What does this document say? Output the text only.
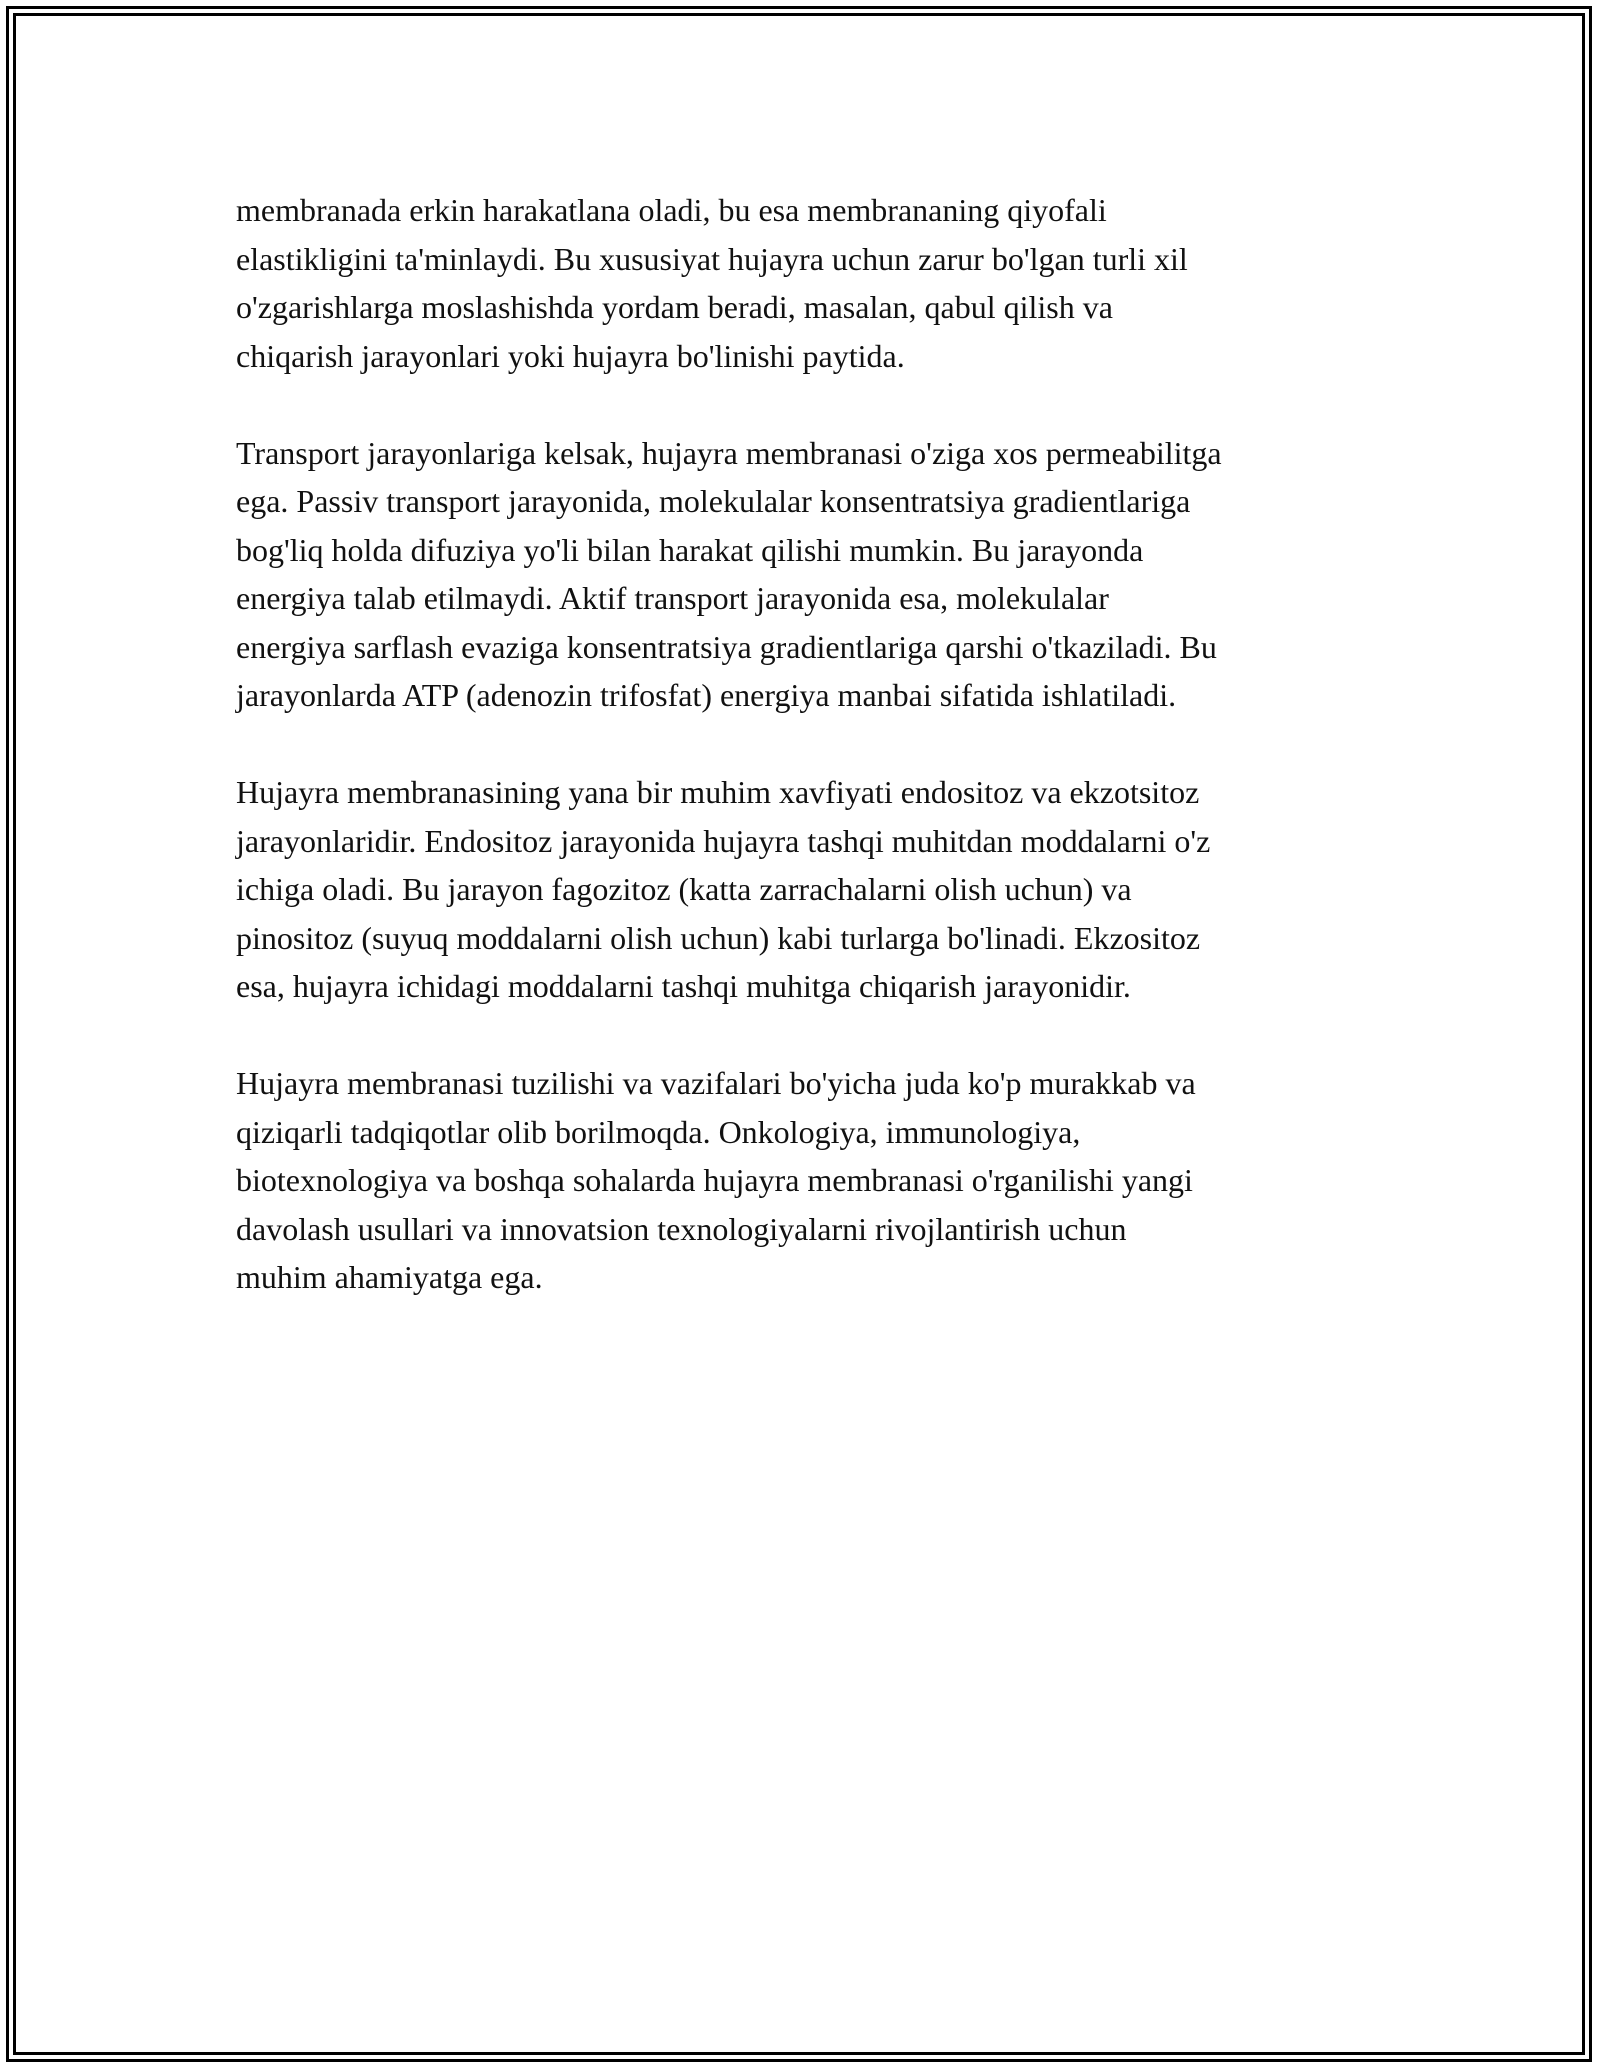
membranada erkin harakatlana oladi, bu esa membrananing qiyofali
elastikligini ta'minlaydi. Bu xususiyat hujayra uchun zarur bo'lgan turli xil
o'zgarishlarga moslashishda yordam beradi, masalan, qabul qilish va
chiqarish jarayonlari yoki hujayra bo'linishi paytida.

Transport jarayonlariga kelsak, hujayra membranasi o'ziga xos permeabilitga
ega. Passiv transport jarayonida, molekulalar konsentratsiya gradientlariga
bog'liq holda difuziya yo'li bilan harakat qilishi mumkin. Bu jarayonda
energiya talab etilmaydi. Aktif transport jarayonida esa, molekulalar
energiya sarflash evaziga konsentratsiya gradientlariga qarshi o'tkaziladi. Bu
jarayonlarda ATP (adenozin trifosfat) energiya manbai sifatida ishlatiladi.

Hujayra membranasining yana bir muhim xavfiyati endositoz va ekzotsitoz
jarayonlaridir. Endositoz jarayonida hujayra tashqi muhitdan moddalarni o'z
ichiga oladi. Bu jarayon fagozitoz (katta zarrachalarni olish uchun) va
pinositoz (suyuq moddalarni olish uchun) kabi turlarga bo'linadi. Ekzositoz
esa, hujayra ichidagi moddalarni tashqi muhitga chiqarish jarayonidir.

Hujayra membranasi tuzilishi va vazifalari bo'yicha juda ko'p murakkab va
qiziqarli tadqiqotlar olib borilmoqda. Onkologiya, immunologiya,
biotexnologiya va boshqa sohalarda hujayra membranasi o'rganilishi yangi
davolash usullari va innovatsion texnologiyalarni rivojlantirish uchun
muhim ahamiyatga ega.
